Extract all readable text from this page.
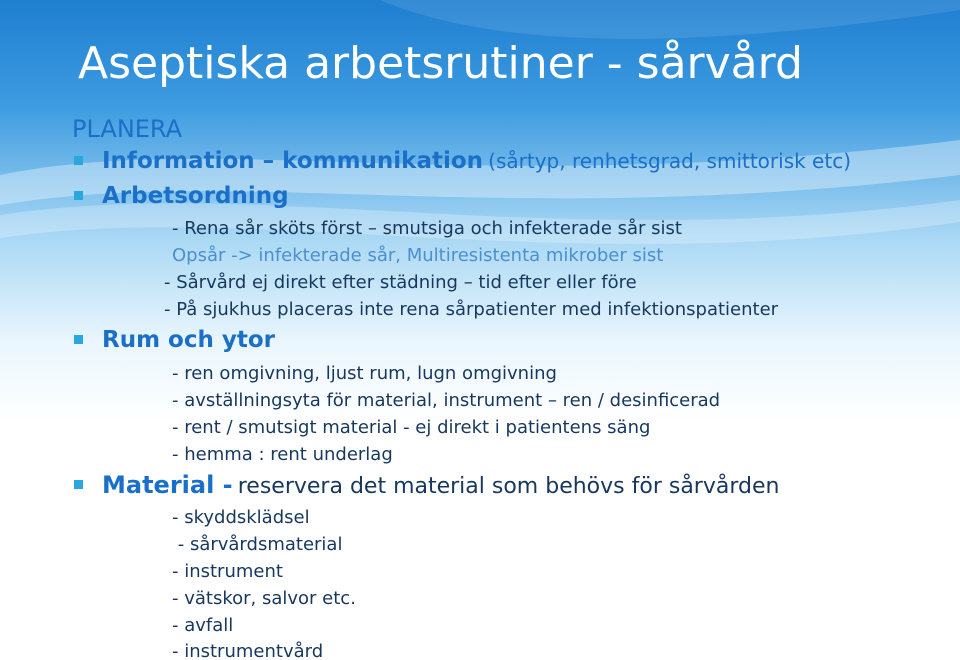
Aseptiska arbetsrutiner - sårvård
PLANERA
Information – kommunikation (sårtyp, renhetsgrad, smittorisk etc)
Arbetsordning
- Rena sår sköts först – smutsiga och infekterade sår sist
Opsår -> infekterade sår, Multiresistenta mikrober sist
- Sårvård ej direkt efter städning – tid efter eller före
- På sjukhus placeras inte rena sårpatienter med infektionspatienter
Rum och ytor
- ren omgivning, ljust rum, lugn omgivning
- avställningsyta för material, instrument – ren / desinficerad
- rent / smutsigt material - ej direkt i patientens säng
- hemma : rent underlag
Material - reservera det material som behövs för sårvården
- skyddsklädsel
- sårvårdsmaterial
- instrument
- vätskor, salvor etc.
- avfall
- instrumentvård
